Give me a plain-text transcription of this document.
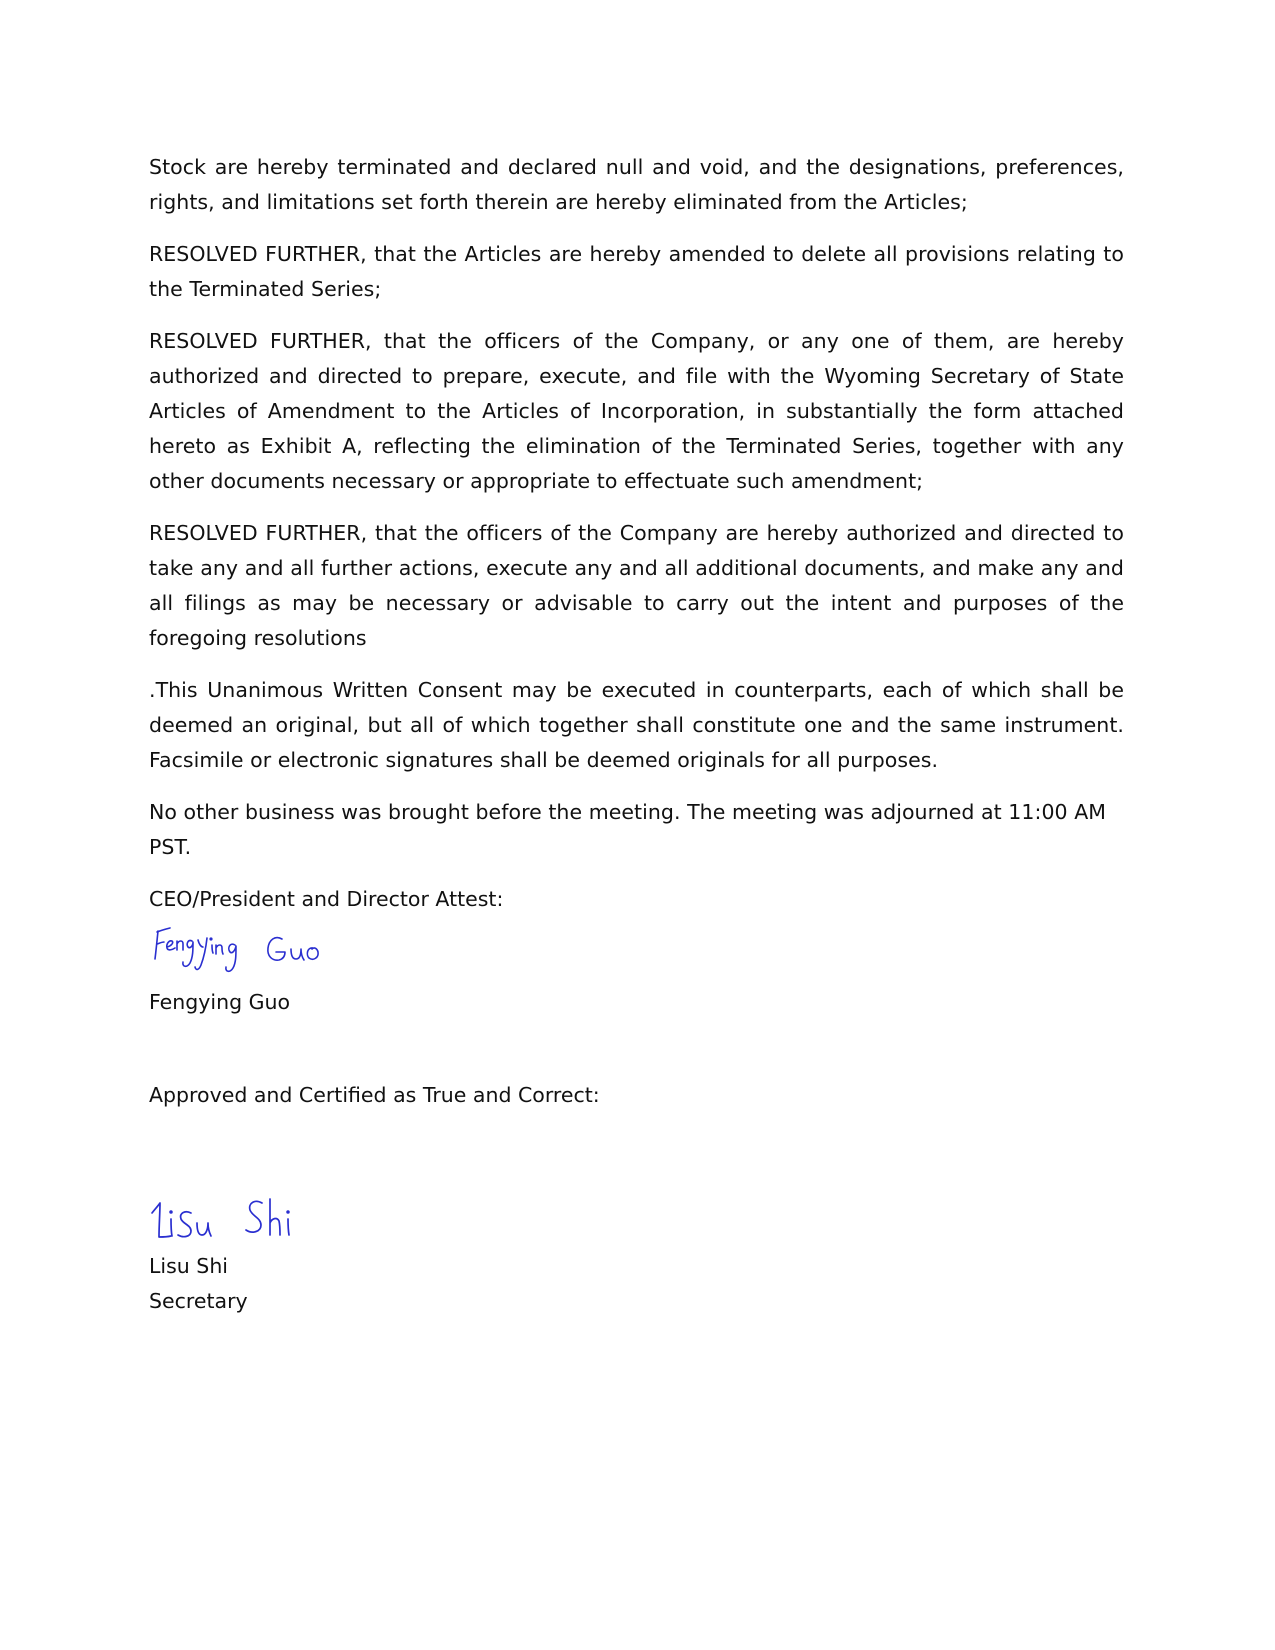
Stock are hereby terminated and declared null and void, and the designations, preferences, rights, and limitations set forth therein are hereby eliminated from the Articles;

RESOLVED FURTHER, that the Articles are hereby amended to delete all provisions relating to the Terminated Series;

RESOLVED FURTHER, that the officers of the Company, or any one of them, are hereby authorized and directed to prepare, execute, and file with the Wyoming Secretary of State Articles of Amendment to the Articles of Incorporation, in substantially the form attached hereto as Exhibit A, reflecting the elimination of the Terminated Series, together with any other documents necessary or appropriate to effectuate such amendment;

RESOLVED FURTHER, that the officers of the Company are hereby authorized and directed to take any and all further actions, execute any and all additional documents, and make any and all filings as may be necessary or advisable to carry out the intent and purposes of the foregoing resolutions

.This Unanimous Written Consent may be executed in counterparts, each of which shall be deemed an original, but all of which together shall constitute one and the same instrument. Facsimile or electronic signatures shall be deemed originals for all purposes.

No other business was brought before the meeting. The meeting was adjourned at 11:00 AM PST.

CEO/President and Director Attest:

Fengying Guo

Approved and Certified as True and Correct:

Lisu Shi

Secretary
